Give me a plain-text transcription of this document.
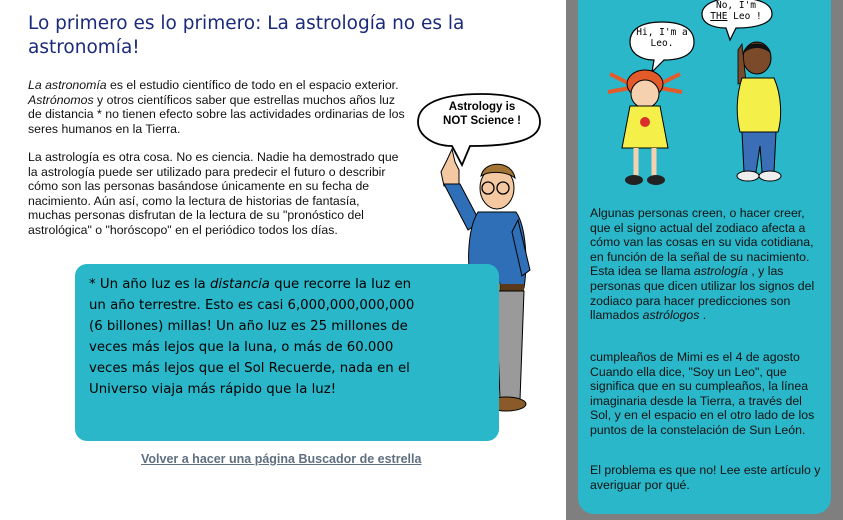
Lo primero es lo primero: La astrología no es la astronomía!

La astronomía es el estudio científico de todo en el espacio exterior. Astrónomos y otros científicos saber que estrellas muchos años luz de distancia * no tienen efecto sobre las actividades ordinarias de los seres humanos en la Tierra.

La astrología es otra cosa. No es ciencia. Nadie ha demostrado que la astrología puede ser utilizado para predecir el futuro o describir cómo son las personas basándose únicamente en su fecha de nacimiento. Aún así, como la lectura de historias de fantasía, muchas personas disfrutan de la lectura de su "pronóstico del astrológica" o "horóscopo" en el periódico todos los días.

Astrology is
NOT Science !
* Un año luz es la distancia que recorre la luz en un año terrestre. Esto es casi 6,000,000,000,000 (6 billones) millas! Un año luz es 25 millones de veces más lejos que la luna, o más de 60.000 veces más lejos que el Sol Recuerde, nada en el Universo viaja más rápido que la luz!
Volver a hacer una página Buscador de estrella
Hi, I'm a
Leo.
No, I'm
THE Leo !

Algunas personas creen, o hacer creer, que el signo actual del zodiaco afecta a cómo van las cosas en su vida cotidiana, en función de la señal de su nacimiento. Esta idea se llama astrología , y las personas que dicen utilizar los signos del zodiaco para hacer predicciones son llamados astrólogos .

cumpleaños de Mimi es el 4 de agosto Cuando ella dice, "Soy un Leo", que significa que en su cumpleaños, la línea imaginaria desde la Tierra, a través del Sol, y en el espacio en el otro lado de los puntos de la constelación de Sun León.

El problema es que no! Lee este artículo y averiguar por qué.
